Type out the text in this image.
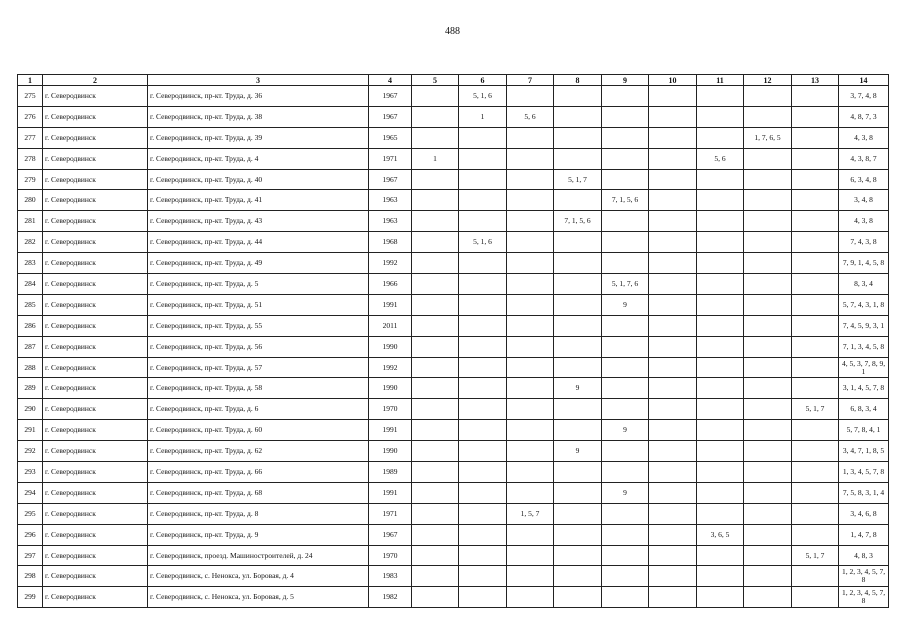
488
1	2	3	4	5	6	7	8	9	10	11	12	13	14
275	г. Северодвинск	г. Северодвинск, пр-кт. Труда, д. 36	1967		5, 1, 6								3, 7, 4, 8
276	г. Северодвинск	г. Северодвинск, пр-кт. Труда, д. 38	1967		1	5, 6							4, 8, 7, 3
277	г. Северодвинск	г. Северодвинск, пр-кт. Труда, д. 39	1965								1, 7, 6, 5		4, 3, 8
278	г. Северодвинск	г. Северодвинск, пр-кт. Труда, д. 4	1971	1						5, 6			4, 3, 8, 7
279	г. Северодвинск	г. Северодвинск, пр-кт. Труда, д. 40	1967				5, 1, 7						6, 3, 4, 8
280	г. Северодвинск	г. Северодвинск, пр-кт. Труда, д. 41	1963					7, 1, 5, 6					3, 4, 8
281	г. Северодвинск	г. Северодвинск, пр-кт. Труда, д. 43	1963				7, 1, 5, 6						4, 3, 8
282	г. Северодвинск	г. Северодвинск, пр-кт. Труда, д. 44	1968		5, 1, 6								7, 4, 3, 8
283	г. Северодвинск	г. Северодвинск, пр-кт. Труда, д. 49	1992										7, 9, 1, 4, 5, 8
284	г. Северодвинск	г. Северодвинск, пр-кт. Труда, д. 5	1966					5, 1, 7, 6					8, 3, 4
285	г. Северодвинск	г. Северодвинск, пр-кт. Труда, д. 51	1991					9					5, 7, 4, 3, 1, 8
286	г. Северодвинск	г. Северодвинск, пр-кт. Труда, д. 55	2011										7, 4, 5, 9, 3, 1
287	г. Северодвинск	г. Северодвинск, пр-кт. Труда, д. 56	1990										7, 1, 3, 4, 5, 8
288	г. Северодвинск	г. Северодвинск, пр-кт. Труда, д. 57	1992										4, 5, 3, 7, 8, 9, 1
289	г. Северодвинск	г. Северодвинск, пр-кт. Труда, д. 58	1990				9						3, 1, 4, 5, 7, 8
290	г. Северодвинск	г. Северодвинск, пр-кт. Труда, д. 6	1970									5, 1, 7	6, 8, 3, 4
291	г. Северодвинск	г. Северодвинск, пр-кт. Труда, д. 60	1991					9					5, 7, 8, 4, 1
292	г. Северодвинск	г. Северодвинск, пр-кт. Труда, д. 62	1990				9						3, 4, 7, 1, 8, 5
293	г. Северодвинск	г. Северодвинск, пр-кт. Труда, д. 66	1989										1, 3, 4, 5, 7, 8
294	г. Северодвинск	г. Северодвинск, пр-кт. Труда, д. 68	1991					9					7, 5, 8, 3, 1, 4
295	г. Северодвинск	г. Северодвинск, пр-кт. Труда, д. 8	1971			1, 5, 7							3, 4, 6, 8
296	г. Северодвинск	г. Северодвинск, пр-кт. Труда, д. 9	1967							3, 6, 5			1, 4, 7, 8
297	г. Северодвинск	г. Северодвинск, проезд. Машиностроителей, д. 24	1970									5, 1, 7	4, 8, 3
298	г. Северодвинск	г. Северодвинск, с. Ненокса, ул. Боровая, д. 4	1983										1, 2, 3, 4, 5, 7, 8
299	г. Северодвинск	г. Северодвинск, с. Ненокса, ул. Боровая, д. 5	1982										1, 2, 3, 4, 5, 7, 8
